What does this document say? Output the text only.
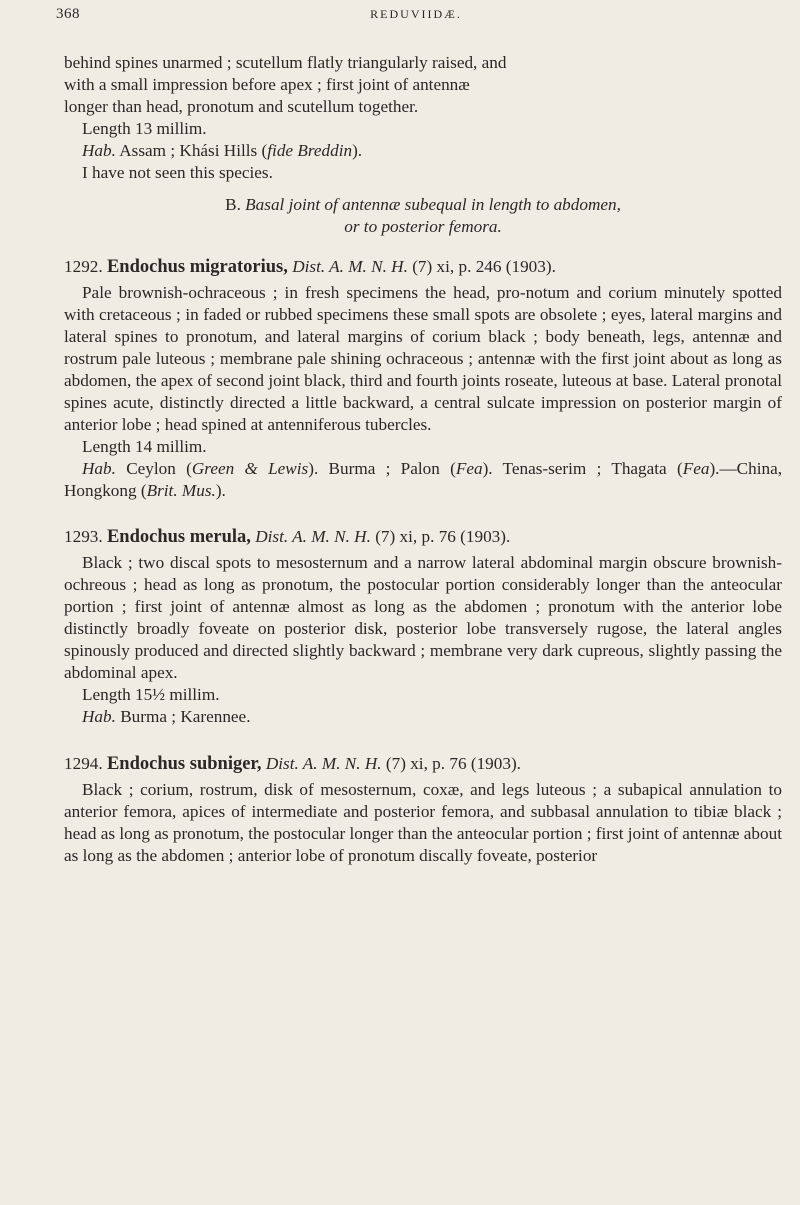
368	REDUVIIDÆ.

behind spines unarmed ; scutellum flatly triangularly raised, and

with a small impression before apex ; first joint of antennæ

longer than head, pronotum and scutellum together.

Length 13 millim.

Hab. Assam ; Khási Hills (fide Breddin).

I have not seen this species.

B. Basal joint of antennæ subequal in length to abdomen,

or to posterior femora.

1292. Endochus migratorius, Dist. A. M. N. H. (7) xi, p. 246 (1903).

Pale brownish-ochraceous ; in fresh specimens the head, pro-notum and corium minutely spotted with cretaceous ; in faded or rubbed specimens these small spots are obsolete ; eyes, lateral margins and lateral spines to pronotum, and lateral margins of corium black ; body beneath, legs, antennæ and rostrum pale luteous ; membrane pale shining ochraceous ; antennæ with the first joint about as long as abdomen, the apex of second joint black, third and fourth joints roseate, luteous at base. Lateral pronotal spines acute, distinctly directed a little backward, a central sulcate impression on posterior margin of anterior lobe ; head spined at antenniferous tubercles.

Length 14 millim.

Hab. Ceylon (Green & Lewis). Burma ; Palon (Fea). Tenas-serim ; Thagata (Fea).—China, Hongkong (Brit. Mus.).

1293. Endochus merula, Dist. A. M. N. H. (7) xi, p. 76 (1903).

Black ; two discal spots to mesosternum and a narrow lateral abdominal margin obscure brownish-ochreous ; head as long as pronotum, the postocular portion considerably longer than the anteocular portion ; first joint of antennæ almost as long as the abdomen ; pronotum with the anterior lobe distinctly broadly foveate on posterior disk, posterior lobe transversely rugose, the lateral angles spinously produced and directed slightly backward ; membrane very dark cupreous, slightly passing the abdominal apex.

Length 15½ millim.

Hab. Burma ; Karennee.

1294. Endochus subniger, Dist. A. M. N. H. (7) xi, p. 76 (1903).

Black ; corium, rostrum, disk of mesosternum, coxæ, and legs luteous ; a subapical annulation to anterior femora, apices of intermediate and posterior femora, and subbasal annulation to tibiæ black ; head as long as pronotum, the postocular longer than the anteocular portion ; first joint of antennæ about as long as the abdomen ; anterior lobe of pronotum discally foveate, posterior
